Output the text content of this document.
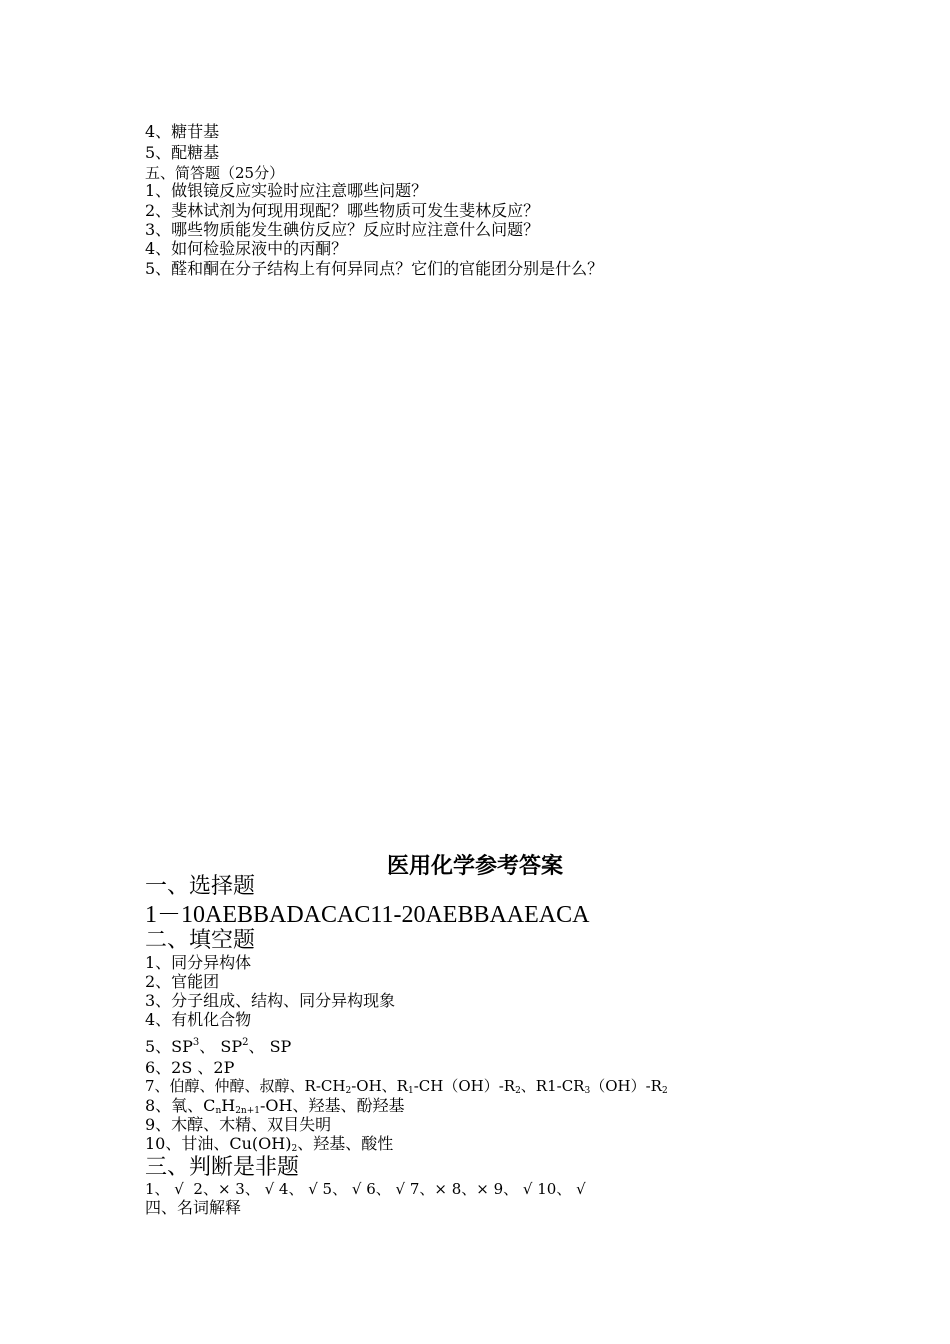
4、糖苷基
5、配糖基
五、简答题（25分）
1、做银镜反应实验时应注意哪些问题？
2、斐林试剂为何现用现配？哪些物质可发生斐林反应？
3、哪些物质能发生碘仿反应？反应时应注意什么问题？
4、如何检验尿液中的丙酮？
5、醛和酮在分子结构上有何异同点？它们的官能团分别是什么？
医用化学参考答案
一、选择题
1－10AEBBADACAC11-20AEBBAAEACA
二、填空题
1、同分异构体
2、官能团
3、分子组成、结构、同分异构现象
4、有机化合物
5、$SP^3$、 $SP^2$、 SP
6、2S 、2P
7、伯醇、仲醇、叔醇、$R-CH_2-OH$、$R_1-CH(OH)-R_2$、$R1-CR_3(OH)-R_2$
8、氧、$C_nH_{2n+1}-OH$、羟基、酚羟基
9、木醇、木精、双目失明
10、甘油、$Cu(OH)_2$、羟基、酸性
三、判断是非题
1、 √  2、× 3、 √ 4、 √ 5、 √ 6、 √ 7、× 8、× 9、 √ 10、 √
四、名词解释
